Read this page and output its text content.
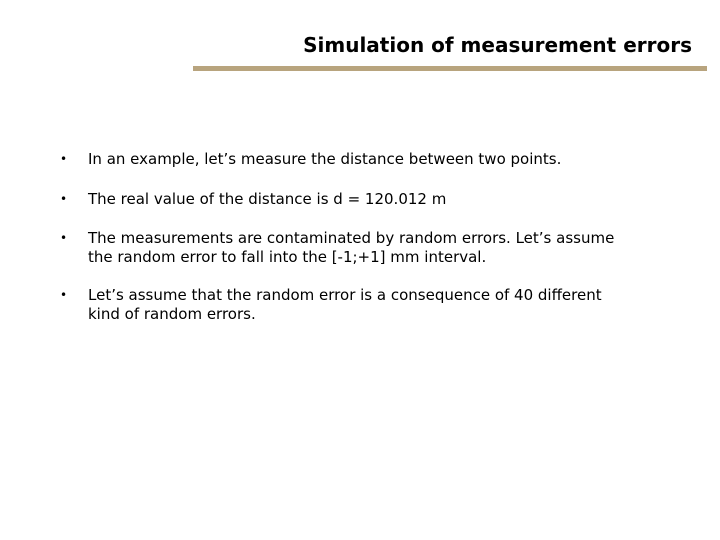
Simulation of measurement errors
• In an example, let’s measure the distance between two points.
• The real value of the distance is d = 120.012 m
• The measurements are contaminated by random errors. Let’s assume
the random error to fall into the [-1;+1] mm interval.
• Let’s assume that the random error is a consequence of 40 different
kind of random errors.
